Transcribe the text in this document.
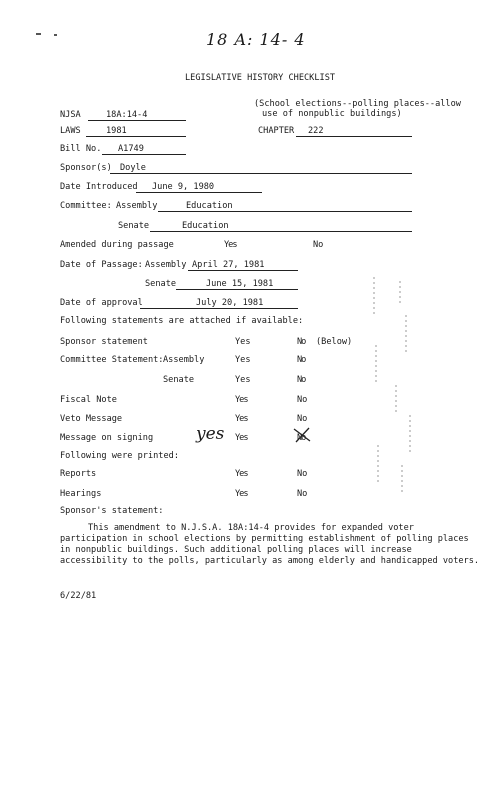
18 A: 14- 4
LEGISLATIVE HISTORY CHECKLIST
NJSA	18A:14-4
(School elections--polling places--allow
use of nonpublic buildings)
LAWS	1981	CHAPTER 222
Bill No. A1749
Sponsor(s) Doyle
Date Introduced June 9, 1980
Committee: Assembly	Education
Senate	Education
Amended during passage	Yes	No
Date of Passage: Assembly April 27, 1981
Senate	June 15, 1981
Date of approval	July 20, 1981
Following statements are attached if available:
Sponsor statement	Yes	No (Below)
Committee Statement: Assembly	Yes	No
Senate	Yes	No
Fiscal Note	Yes	No
Veto Message	Yes	No
Message on signing	yes Yes	No
Following were printed:
Reports	Yes	No
Hearings	Yes	No
Sponsor's statement:
This amendment to N.J.S.A. 18A:14-4 provides for expanded voter participation in school elections by permitting establishment of polling places in nonpublic buildings. Such additional polling places will increase accessibility to the polls, particularly as among elderly and handicapped voters.
6/22/81
